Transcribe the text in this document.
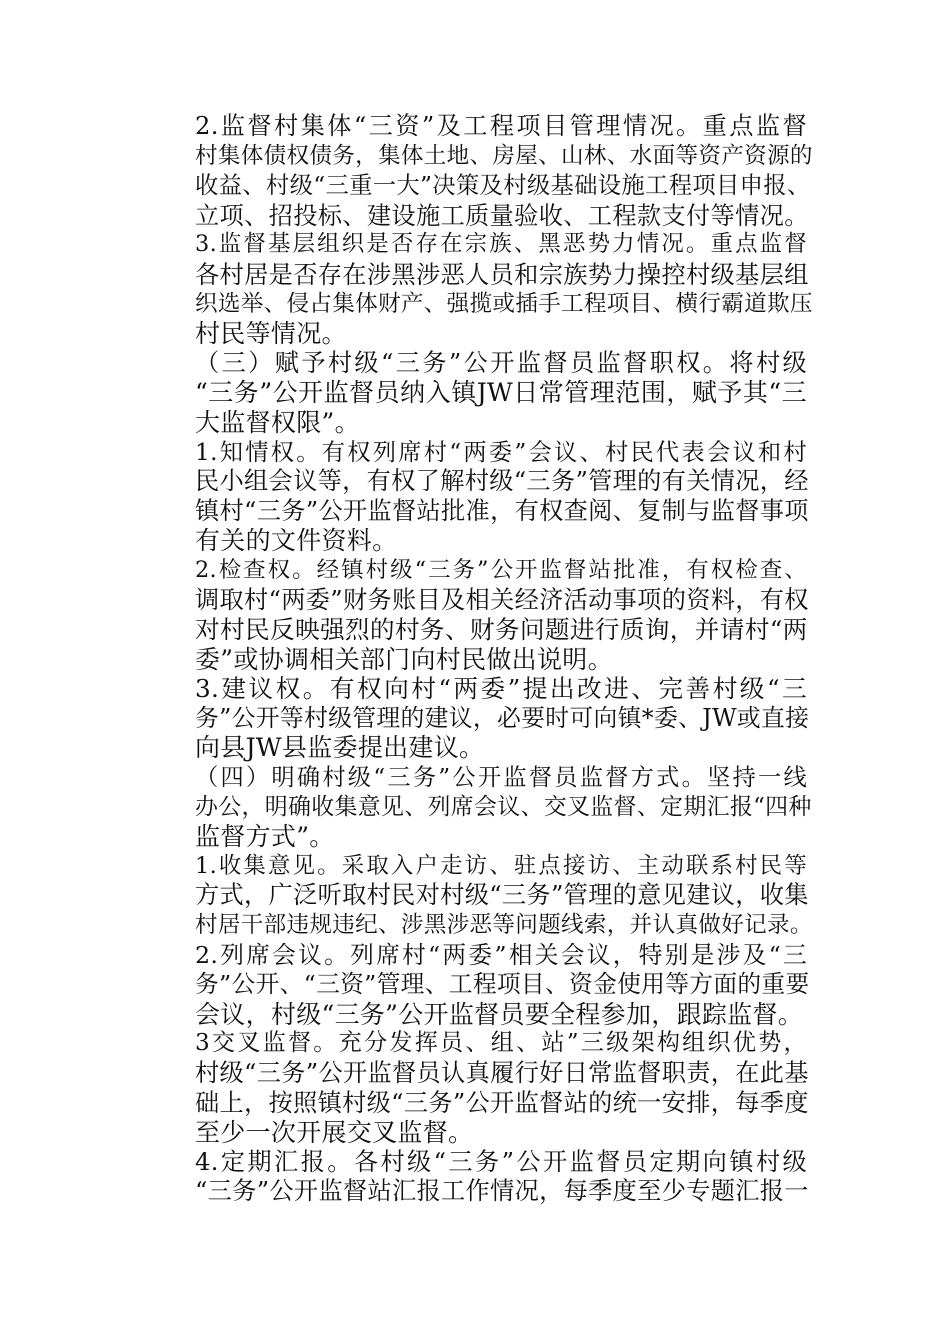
2.监督村集体“三资”及工程项目管理情况。重点监督
村集体债权债务，集体土地、房屋、山林、水面等资产资源的
收益、村级“三重一大”决策及村级基础设施工程项目申报、
立项、招投标、建设施工质量验收、工程款支付等情况。
3.监督基层组织是否存在宗族、黑恶势力情况。重点监督
各村居是否存在涉黑涉恶人员和宗族势力操控村级基层组
织选举、侵占集体财产、强揽或插手工程项目、横行霸道欺压
村民等情况。
（三）赋予村级“三务”公开监督员监督职权。将村级
“三务”公开监督员纳入镇JW日常管理范围，赋予其“三
大监督权限”。
1.知情权。有权列席村“两委”会议、村民代表会议和村
民小组会议等，有权了解村级“三务”管理的有关情况，经
镇村“三务”公开监督站批准，有权查阅、复制与监督事项
有关的文件资料。
2.检查权。经镇村级“三务”公开监督站批准，有权检查、
调取村“两委”财务账目及相关经济活动事项的资料，有权
对村民反映强烈的村务、财务问题进行质询，并请村“两
委”或协调相关部门向村民做出说明。
3.建议权。有权向村“两委”提出改进、完善村级“三
务”公开等村级管理的建议，必要时可向镇*委、JW或直接
向县JW县监委提出建议。
（四）明确村级“三务”公开监督员监督方式。坚持一线
办公，明确收集意见、列席会议、交叉监督、定期汇报“四种
监督方式”。
1.收集意见。采取入户走访、驻点接访、主动联系村民等
方式，广泛听取村民对村级“三务”管理的意见建议，收集
村居干部违规违纪、涉黑涉恶等问题线索，并认真做好记录。
2.列席会议。列席村“两委”相关会议，特别是涉及“三
务”公开、“三资”管理、工程项目、资金使用等方面的重要
会议，村级“三务”公开监督员要全程参加，跟踪监督。
3交叉监督。充分发挥员、组、站”三级架构组织优势，
村级“三务”公开监督员认真履行好日常监督职责，在此基
础上，按照镇村级“三务”公开监督站的统一安排，每季度
至少一次开展交叉监督。
4.定期汇报。各村级“三务”公开监督员定期向镇村级
“三务”公开监督站汇报工作情况，每季度至少专题汇报一
